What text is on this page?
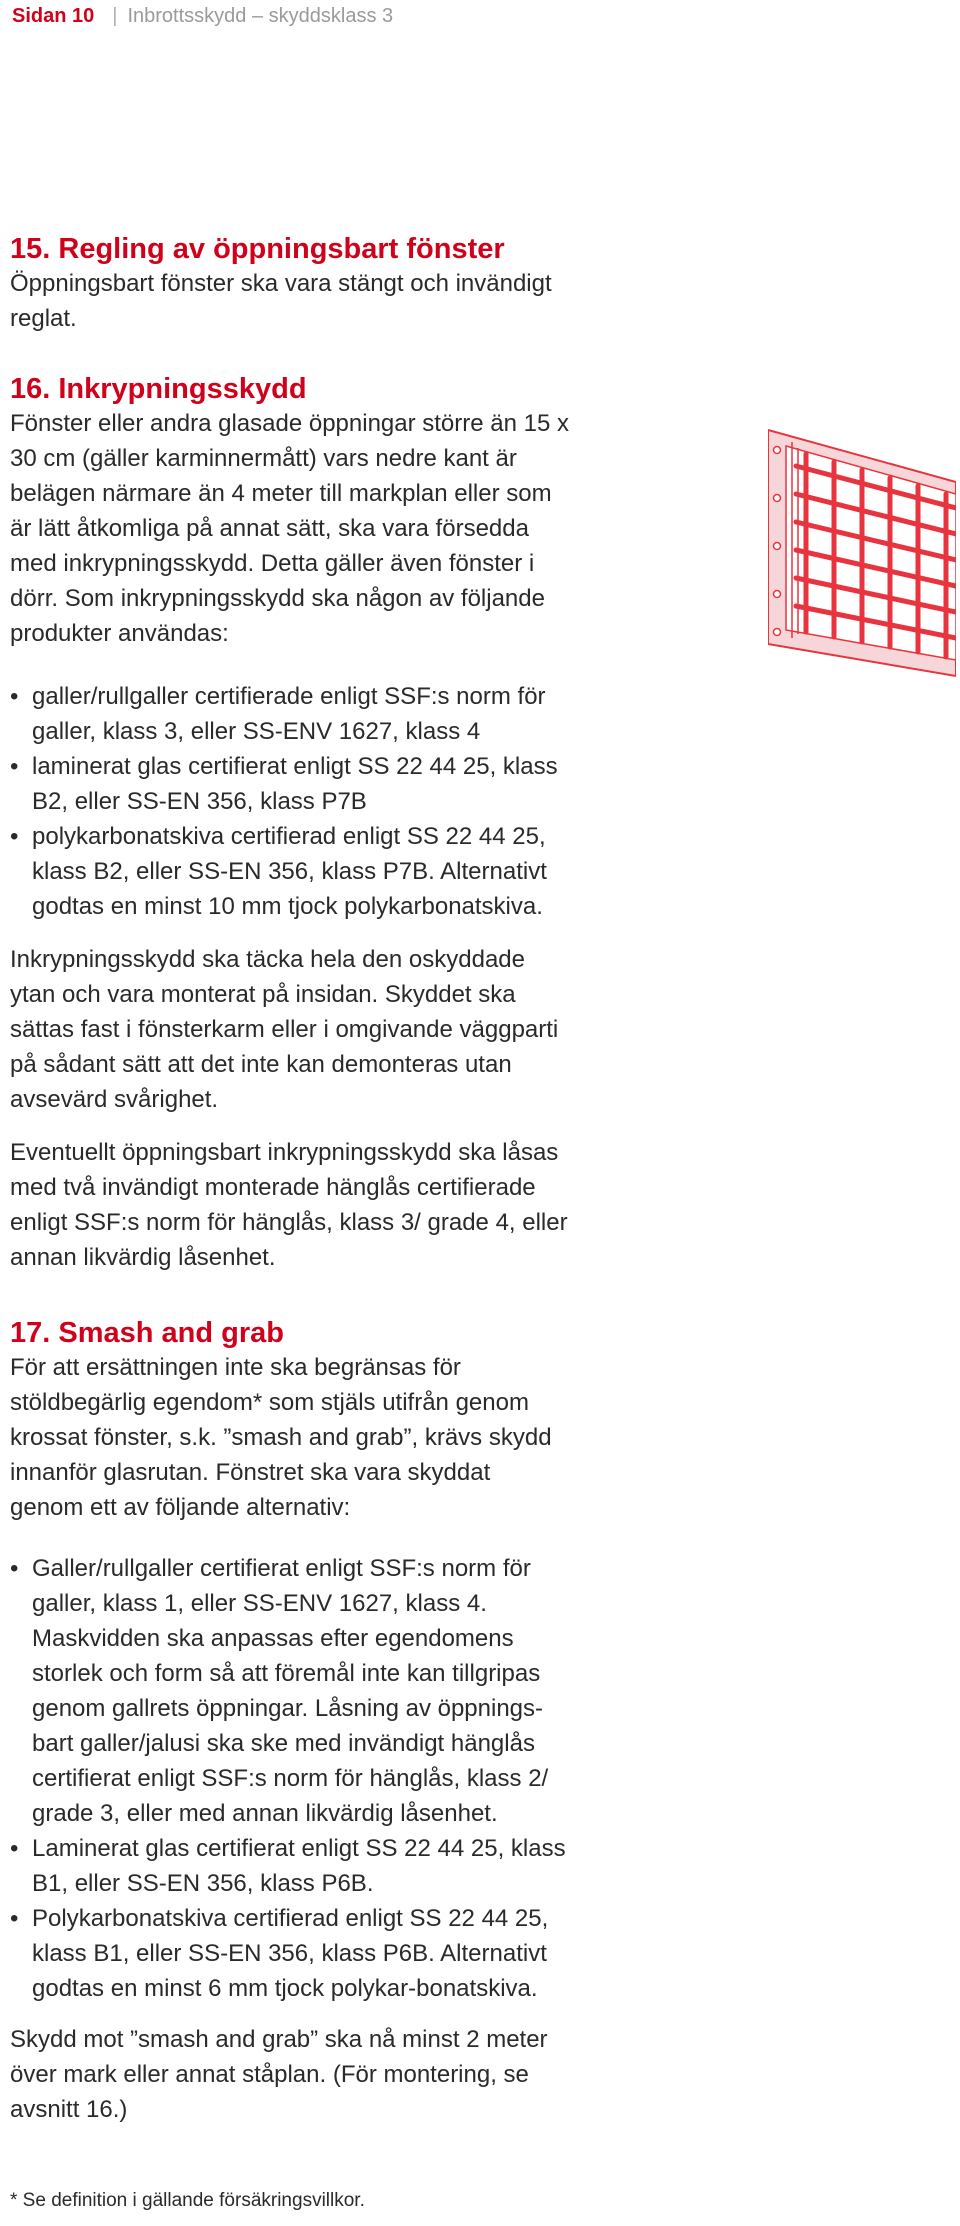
Sidan 10 | Inbrottsskydd – skyddsklass 3
15. Regling av öppningsbart fönster

Öppningsbart fönster ska vara stängt och invändigt reglat.

16. Inkrypningsskydd

Fönster eller andra glasade öppningar större än 15 x 30 cm (gäller karminnermått) vars nedre kant är belägen närmare än 4 meter till markplan eller som är lätt åtkomliga på annat sätt, ska vara försedda med inkrypningsskydd. Detta gäller även fönster i dörr. Som inkrypningsskydd ska någon av följande produkter användas:

• galler/rullgaller certifierade enligt SSF:s norm för galler, klass 3, eller SS-ENV 1627, klass 4
• laminerat glas certifierat enligt SS 22 44 25, klass B2, eller SS-EN 356, klass P7B
• polykarbonatskiva certifierad enligt SS 22 44 25, klass B2, eller SS-EN 356, klass P7B. Alternativt godtas en minst 10 mm tjock polykarbonatskiva.

Inkrypningsskydd ska täcka hela den oskyddade ytan och vara monterat på insidan. Skyddet ska sättas fast i fönsterkarm eller i omgivande väggparti på sådant sätt att det inte kan demonteras utan avsevärd svårighet.

Eventuellt öppningsbart inkrypningsskydd ska låsas med två invändigt monterade hänglås certifierade enligt SSF:s norm för hänglås, klass 3/ grade 4, eller annan likvärdig låsenhet.

17. Smash and grab

För att ersättningen inte ska begränsas för stöldbegärlig egendom* som stjäls utifrån genom krossat fönster, s.k. ”smash and grab”, krävs skydd innanför glasrutan. Fönstret ska vara skyddat genom ett av följande alternativ:

• Galler/rullgaller certifierat enligt SSF:s norm för galler, klass 1, eller SS-ENV 1627, klass 4. Maskvidden ska anpassas efter egendomens storlek och form så att föremål inte kan tillgripas genom gallrets öppningar. Låsning av öppnings-bart galler/jalusi ska ske med invändigt hänglås certifierat enligt SSF:s norm för hänglås, klass 2/ grade 3, eller med annan likvärdig låsenhet.
• Laminerat glas certifierat enligt SS 22 44 25, klass B1, eller SS-EN 356, klass P6B.
• Polykarbonatskiva certifierad enligt SS 22 44 25, klass B1, eller SS-EN 356, klass P6B. Alternativt godtas en minst 6 mm tjock polykar-bonatskiva.

Skydd mot ”smash and grab” ska nå minst 2 meter över mark eller annat ståplan. (För montering, se avsnitt 16.)

* Se definition i gällande försäkringsvillkor.
